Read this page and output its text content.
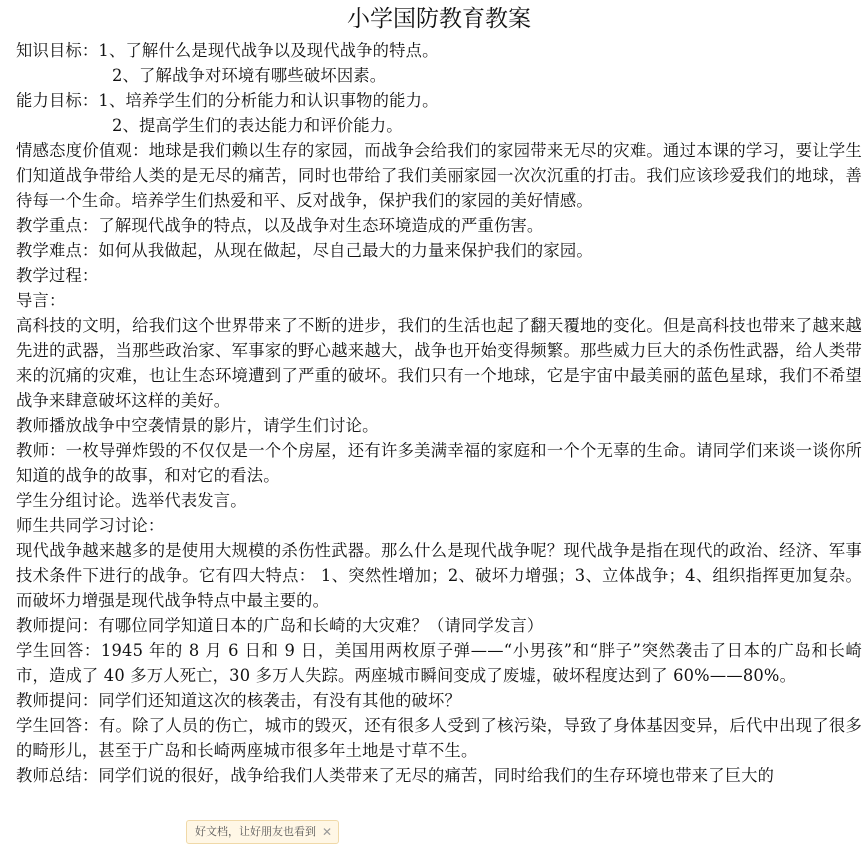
小学国防教育教案

知识目标：1、了解什么是现代战争以及现代战争的特点。

2、了解战争对环境有哪些破坏因素。

能力目标：1、培养学生们的分析能力和认识事物的能力。

2、提高学生们的表达能力和评价能力。

情感态度价值观：地球是我们赖以生存的家园，而战争会给我们的家园带来无尽的灾难。通过本课的学习，要让学生们知道战争带给人类的是无尽的痛苦，同时也带给了我们美丽家园一次次沉重的打击。我们应该珍爱我们的地球，善待每一个生命。培养学生们热爱和平、反对战争，保护我们的家园的美好情感。

教学重点：了解现代战争的特点，以及战争对生态环境造成的严重伤害。

教学难点：如何从我做起，从现在做起，尽自己最大的力量来保护我们的家园。

教学过程：

导言：

高科技的文明，给我们这个世界带来了不断的进步，我们的生活也起了翻天覆地的变化。但是高科技也带来了越来越先进的武器，当那些政治家、军事家的野心越来越大，战争也开始变得频繁。那些威力巨大的杀伤性武器，给人类带来的沉痛的灾难，也让生态环境遭到了严重的破坏。我们只有一个地球，它是宇宙中最美丽的蓝色星球，我们不希望战争来肆意破坏这样的美好。

教师播放战争中空袭情景的影片，请学生们讨论。

教师：一枚导弹炸毁的不仅仅是一个个房屋，还有许多美满幸福的家庭和一个个无辜的生命。请同学们来谈一谈你所知道的战争的故事，和对它的看法。

学生分组讨论。选举代表发言。

师生共同学习讨论：

现代战争越来越多的是使用大规模的杀伤性武器。那么什么是现代战争呢？现代战争是指在现代的政治、经济、军事技术条件下进行的战争。它有四大特点： 1、突然性增加；2、破坏力增强；3、立体战争；4、组织指挥更加复杂。而破坏力增强是现代战争特点中最主要的。

教师提问：有哪位同学知道日本的广岛和长崎的大灾难？（请同学发言）

学生回答：1945 年的 8 月 6 日和 9 日，美国用两枚原子弹——“小男孩”和“胖子”突然袭击了日本的广岛和长崎市，造成了 40 多万人死亡，30 多万人失踪。两座城市瞬间变成了废墟，破坏程度达到了 60%——80%。

教师提问：同学们还知道这次的核袭击，有没有其他的破坏？

学生回答：有。除了人员的伤亡，城市的毁灭，还有很多人受到了核污染，导致了身体基因变异，后代中出现了很多的畸形儿，甚至于广岛和长崎两座城市很多年土地是寸草不生。

教师总结：同学们说的很好，战争给我们人类带来了无尽的痛苦，同时给我们的生存环境也带来了巨大的

好文档，让好朋友也看到 ✕
